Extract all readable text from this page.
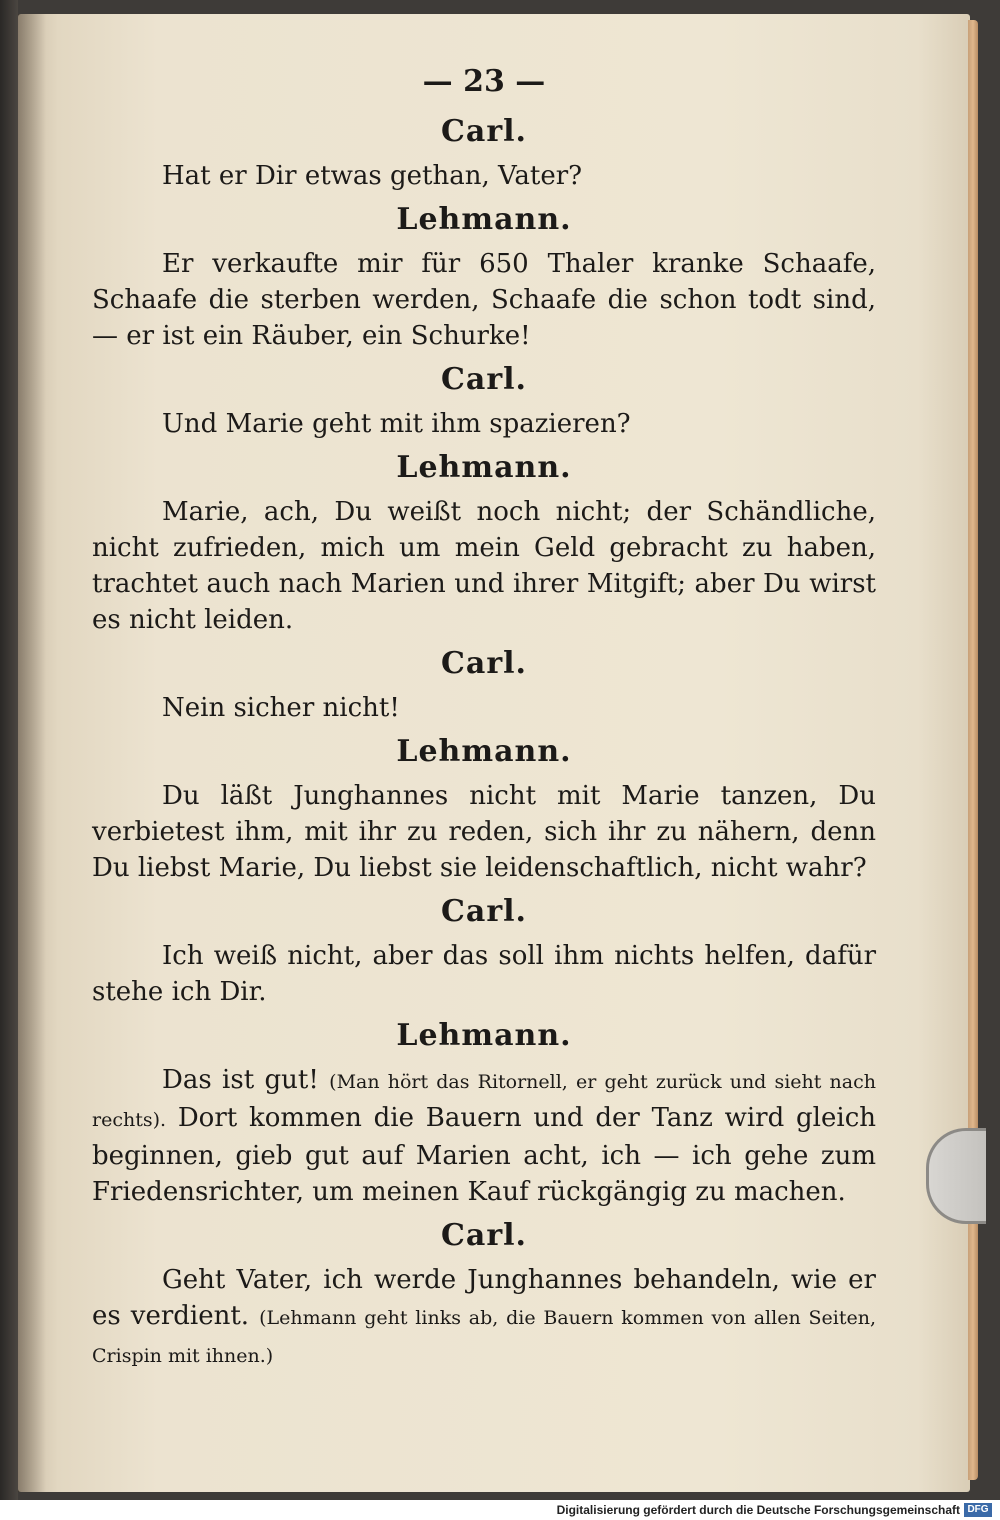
— 23 —
Carl.
Hat er Dir etwas gethan, Vater?
Lehmann.
Er verkaufte mir für 650 Thaler kranke Schaafe, Schaafe die sterben werden, Schaafe die schon todt sind, — er ist ein Räuber, ein Schurke!
Carl.
Und Marie geht mit ihm spazieren?
Lehmann.
Marie, ach, Du weißt noch nicht; der Schändliche, nicht zufrieden, mich um mein Geld gebracht zu haben, trachtet auch nach Marien und ihrer Mitgift; aber Du wirst es nicht leiden.
Carl.
Nein sicher nicht!
Lehmann.
Du läßt Junghannes nicht mit Marie tanzen, Du verbietest ihm, mit ihr zu reden, sich ihr zu nähern, denn Du liebst Marie, Du liebst sie leidenschaftlich, nicht wahr?
Carl.
Ich weiß nicht, aber das soll ihm nichts helfen, dafür stehe ich Dir.
Lehmann.
Das ist gut! (Man hört das Ritornell, er geht zurück und sieht nach rechts). Dort kommen die Bauern und der Tanz wird gleich beginnen, gieb gut auf Marien acht, ich — ich gehe zum Friedensrichter, um meinen Kauf rückgängig zu machen.
Carl.
Geht Vater, ich werde Junghannes behandeln, wie er es verdient. (Lehmann geht links ab, die Bauern kommen von allen Seiten, Crispin mit ihnen.)
Digitalisierung gefördert durch die Deutsche Forschungsgemeinschaft DFG
